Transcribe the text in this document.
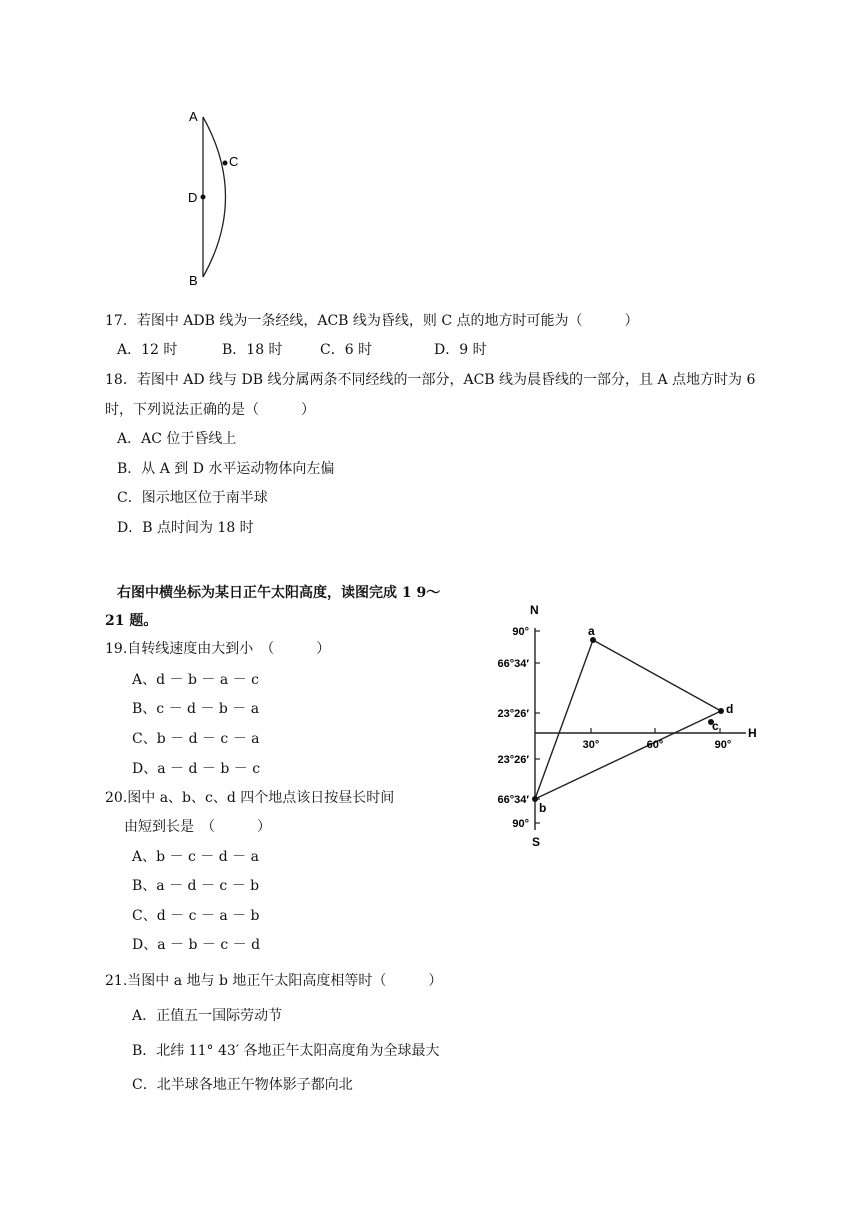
A
C
D
B
17．若图中 ADB 线为一条经线，ACB 线为昏线，则 C 点的地方时可能为（　　　）
A．12 时	B．18 时	C．6 时	D．9 时
18．若图中 AD 线与 DB 线分属两条不同经线的一部分，ACB 线为晨昏线的一部分，且 A 点地方时为 6
时，下列说法正确的是（　　　）
A．AC 位于昏线上
B．从 A 到 D 水平运动物体向左偏
C．图示地区位于南半球
D．B 点时间为 18 时
右图中横坐标为某日正午太阳高度，读图完成 1 9～
21 题。
19.自转线速度由大到小　（　　　）
A、d － b － a － c
B、c － d － b － a
C、b － d － c － a
D、a － d － b － c
20.图中 a、b、c、d 四个地点该日按昼长时间
由短到长是　（　　　）
A、b － c － d － a
B、a － d － c － b
C、d － c － a － b
D、a － b － c － d
21.当图中 a 地与 b 地正午太阳高度相等时（　　　）
A．正值五一国际劳动节
B．北纬 11° 43′ 各地正午太阳高度角为全球最大
C．北半球各地正午物体影子都向北
a
d
c
b
N
S
H
90°
66°34′
23°26′
23°26′
66°34′
90°
30°	60°	90°
